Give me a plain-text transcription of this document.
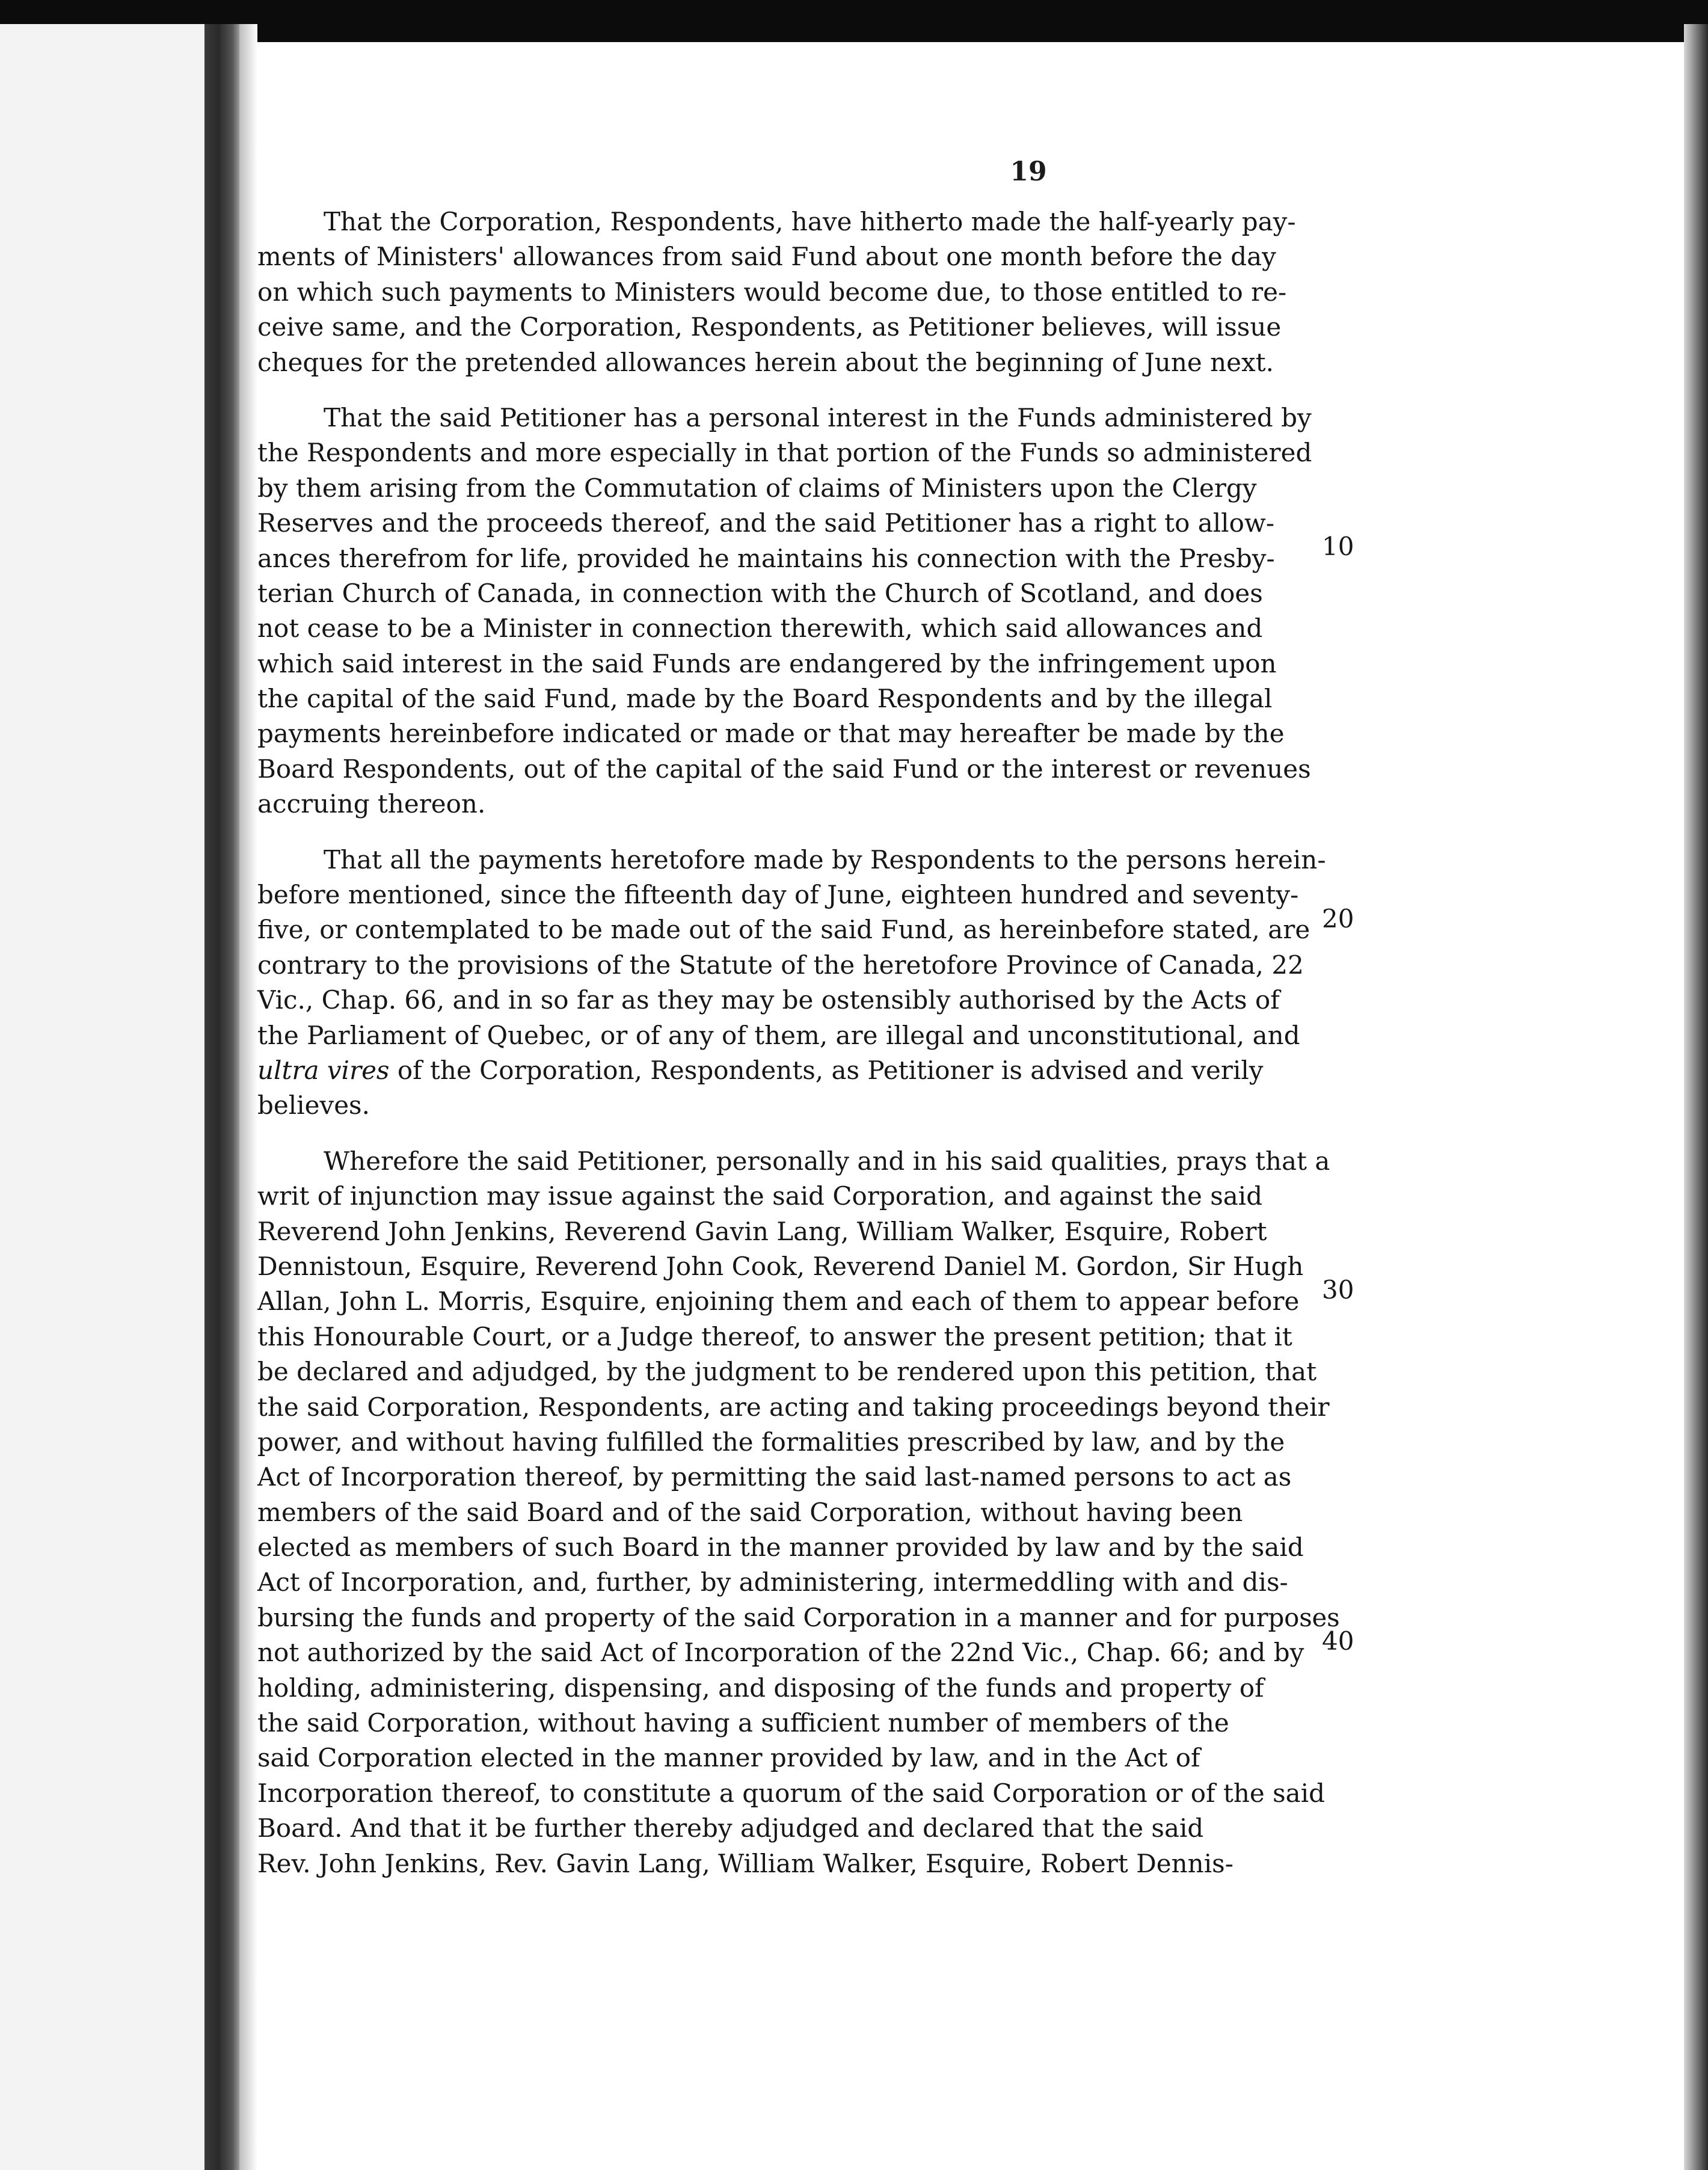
19
That the Corporation, Respondents, have hitherto made the half-yearly pay-
ments of Ministers' allowances from said Fund about one month before the day
on which such payments to Ministers would become due, to those entitled to re-
ceive same, and the Corporation, Respondents, as Petitioner believes, will issue
cheques for the pretended allowances herein about the beginning of June next.
That the said Petitioner has a personal interest in the Funds administered by
the Respondents and more especially in that portion of the Funds so administered
by them arising from the Commutation of claims of Ministers upon the Clergy
Reserves and the proceeds thereof, and the said Petitioner has a right to allow-
ances therefrom for life, provided he maintains his connection with the Presby-	10
terian Church of Canada, in connection with the Church of Scotland, and does
not cease to be a Minister in connection therewith, which said allowances and
which said interest in the said Funds are endangered by the infringement upon
the capital of the said Fund, made by the Board Respondents and by the illegal
payments hereinbefore indicated or made or that may hereafter be made by the
Board Respondents, out of the capital of the said Fund or the interest or revenues
accruing thereon.
That all the payments heretofore made by Respondents to the persons herein-
before mentioned, since the fifteenth day of June, eighteen hundred and seventy-
five, or contemplated to be made out of the said Fund, as hereinbefore stated, are 20
contrary to the provisions of the Statute of the heretofore Province of Canada, 22
Vic., Chap. 66, and in so far as they may be ostensibly authorised by the Acts of
the Parliament of Quebec, or of any of them, are illegal and unconstitutional, and
ultra vires of the Corporation, Respondents, as Petitioner is advised and verily
believes.
Wherefore the said Petitioner, personally and in his said qualities, prays that a
writ of injunction may issue against the said Corporation, and against the said
Reverend John Jenkins, Reverend Gavin Lang, William Walker, Esquire, Robert
Dennistoun, Esquire, Reverend John Cook, Reverend Daniel M. Gordon, Sir Hugh
30
Allan, John L. Morris, Esquire, enjoining them and each of them to appear before
this Honourable Court, or a Judge thereof, to answer the present petition; that it
be declared and adjudged, by the judgment to be rendered upon this petition, that
the said Corporation, Respondents, are acting and taking proceedings beyond their
power, and without having fulfilled the formalities prescribed by law, and by the
Act of Incorporation thereof, by permitting the said last-named persons to act as
members of the said Board and of the said Corporation, without having been
elected as members of such Board in the manner provided by law and by the said
Act of Incorporation, and, further, by administering, intermeddling with and dis-
bursing the funds and property of the said Corporation in a manner and for purposes
40
not authorized by the said Act of Incorporation of the 22nd Vic., Chap. 66; and by
holding, administering, dispensing, and disposing of the funds and property of
the said Corporation, without having a sufficient number of members of the
said Corporation elected in the manner provided by law, and in the Act of
Incorporation thereof, to constitute a quorum of the said Corporation or of the said
Board. And that it be further thereby adjudged and declared that the said
Rev. John Jenkins, Rev. Gavin Lang, William Walker, Esquire, Robert Dennis-
